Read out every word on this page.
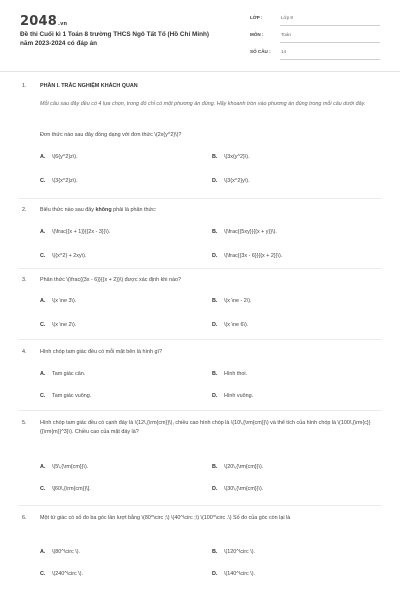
2048.vn
Đề thi Cuối kì 1 Toán 8 trường THCS Ngô Tất Tố (Hồ Chí Minh) năm 2023-2024 có đáp án
LỚP :	Lớp 8
MÔN :	Toán
SỐ CÂU :	14
1.	PHẦN I. TRẮC NGHIỆM KHÁCH QUAN
Mỗi câu sau đây đều có 4 lựa chọn, trong đó chỉ có một phương án đúng. Hãy khoanh tròn vào phương án đúng trong mỗi câu dưới đây.
Đơn thức nào sau đây đồng dạng với đơn thức \(2x{y^2}\)?
A. \(6{y^2}z\).	B. \(3x{y^2}\).
C. \(3{x^2}z\).	D. \(3{x^2}y\).
2.	Biểu thức nào sau đây không phải là phân thức:
A. \(\frac{{x + 1}}{{2x - 3}}\).	B. \(\frac{{5xy}}{{x + y}}\).
C. \({x^2} + 2xy\).	D. \(\frac{{3x - 6}}{{x + 2}}\).
3.	Phân thức \(\frac{{3x - 6}}{{x + 2}}\) được xác định khi nào?
A. \(x \ne 3\).	B. \(x \ne - 2\).
C. \(x \ne 2\).	D. \(x \ne 6\).
4.	Hình chóp tam giác đều có mỗi mặt bên là hình gì?
A. Tam giác cân.	B. Hình thoi.
C. Tam giác vuông.	D. Hình vuông.
5.	Hình chóp tam giác đều có cạnh đáy là \(12\,{\rm{cm}}\), chiều cao hình chóp là \(10\,{\rm{cm}}\) và thể tích của hình chóp là \(100\,{\rm{c}}{{\rm{m}}^3}\). Chiều cao của mặt đáy là?
A. \(5\,{\rm{cm}}\).	B. \(20\,{\rm{cm}}\).
C. \[60\,{\rm{cm}}\].	D. \(30\,{\rm{cm}}\).
6.	Một tứ giác có số đo ba góc lần lượt bằng \(80^\circ ;\) \(40^\circ ;\) \(100^\circ .\) Số đo của góc còn lại là
A. \(80^\circ \).	B. \(120^\circ \).
C. \(240^\circ \).	D. \(140^\circ \).
